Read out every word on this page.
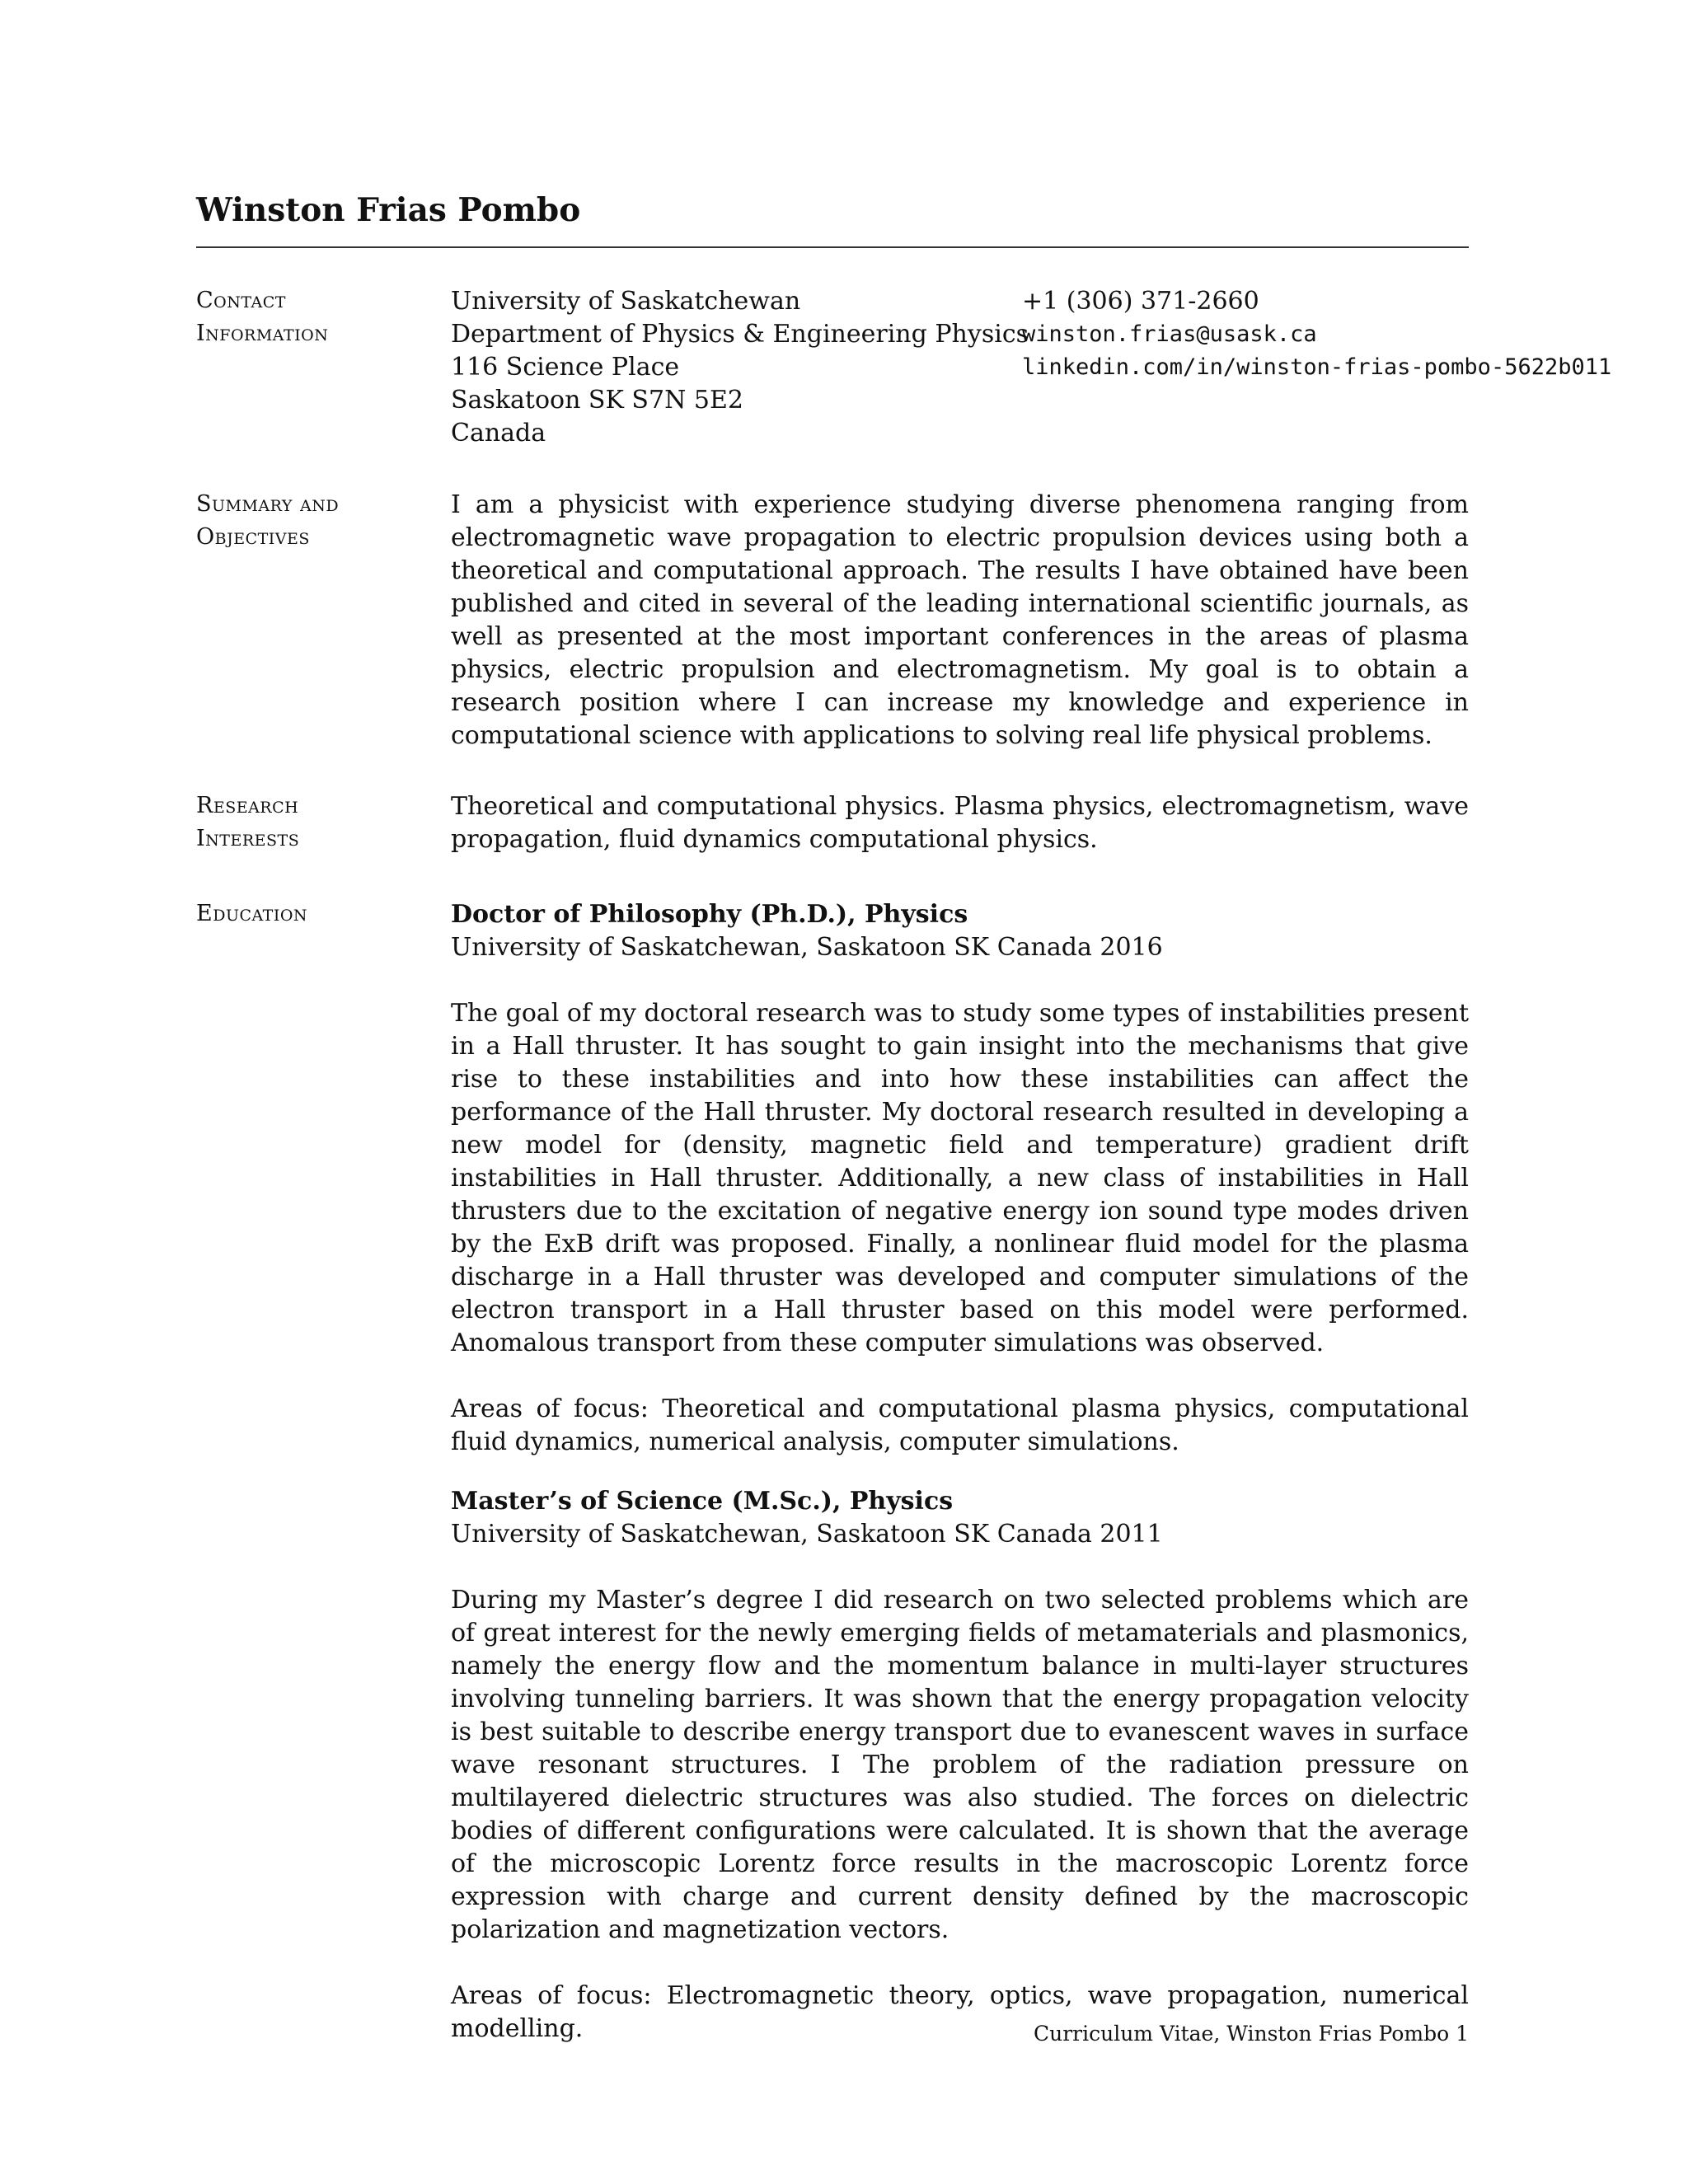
Winston Frias Pombo
Contact
Information
University of Saskatchewan
Department of Physics & Engineering Physics
116 Science Place
Saskatoon SK S7N 5E2
Canada
+1 (306) 371-2660
winston.frias@usask.ca
linkedin.com/in/winston-frias-pombo-5622b011
Summary and
Objectives

I am a physicist with experience studying diverse phenomena ranging from electromagnetic wave propagation to electric propulsion devices using both a theoretical and computational approach. The results I have obtained have been published and cited in several of the leading international scientific journals, as well as presented at the most important conferences in the areas of plasma physics, electric propulsion and electromagnetism. My goal is to obtain a research position where I can increase my knowledge and experience in computational science with applications to solving real life physical problems.

Research
Interests

Theoretical and computational physics. Plasma physics, electromagnetism, wave propagation, fluid dynamics computational physics.

Education	Doctor of Philosophy (Ph.D.), Physics

University of Saskatchewan, Saskatoon SK Canada 2016

The goal of my doctoral research was to study some types of instabilities present in a Hall thruster. It has sought to gain insight into the mechanisms that give rise to these instabilities and into how these instabilities can affect the performance of the Hall thruster. My doctoral research resulted in developing a new model for (density, magnetic field and temperature) gradient drift instabilities in Hall thruster. Additionally, a new class of instabilities in Hall thrusters due to the excitation of negative energy ion sound type modes driven by the ExB drift was proposed. Finally, a nonlinear fluid model for the plasma discharge in a Hall thruster was developed and computer simulations of the electron transport in a Hall thruster based on this model were performed. Anomalous transport from these computer simulations was observed.

Areas of focus: Theoretical and computational plasma physics, computational fluid dynamics, numerical analysis, computer simulations.

Master’s of Science (M.Sc.), Physics

University of Saskatchewan, Saskatoon SK Canada 2011

During my Master’s degree I did research on two selected problems which are of great interest for the newly emerging fields of metamaterials and plasmonics, namely the energy flow and the momentum balance in multi-layer structures involving tunneling barriers. It was shown that the energy propagation velocity is best suitable to describe energy transport due to evanescent waves in surface wave resonant structures. I The problem of the radiation pressure on multilayered dielectric structures was also studied. The forces on dielectric bodies of different configurations were calculated. It is shown that the average of the microscopic Lorentz force results in the macroscopic Lorentz force expression with charge and current density defined by the macroscopic polarization and magnetization vectors.

Areas of focus: Electromagnetic theory, optics, wave propagation, numerical modelling.	Curriculum Vitae, Winston Frias Pombo 1
